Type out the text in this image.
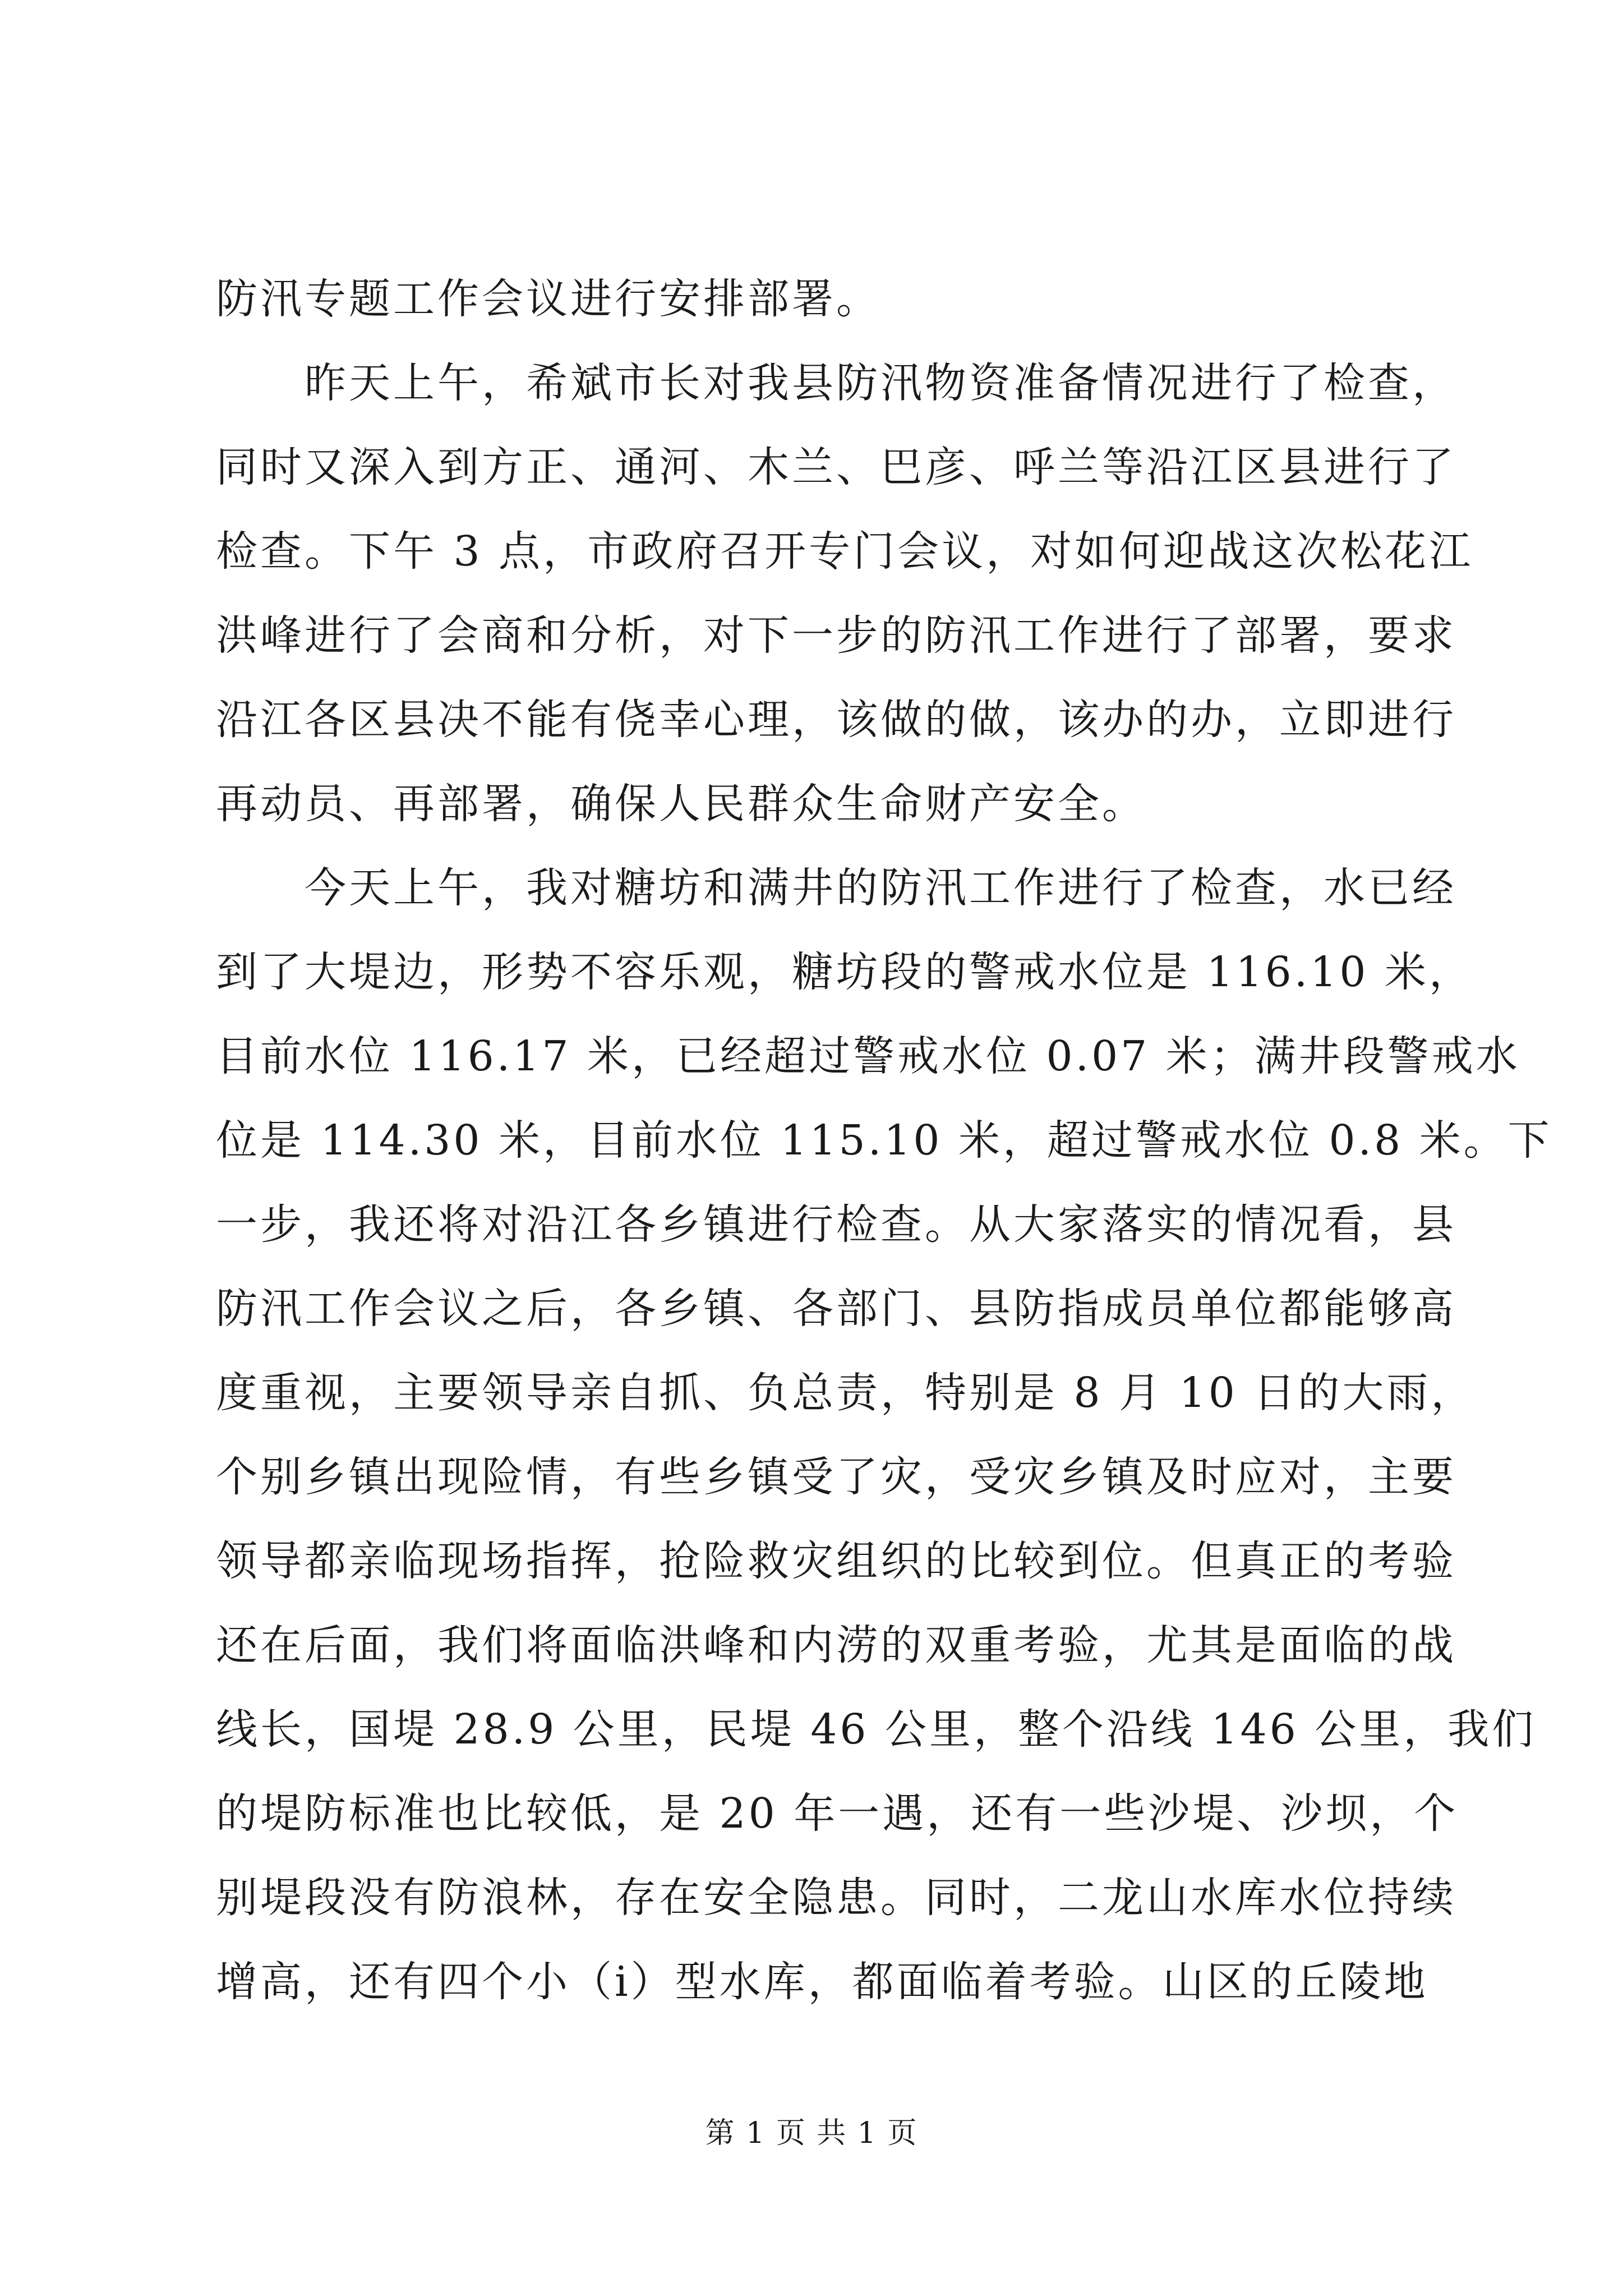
防汛专题工作会议进行安排部署。
昨天上午，希斌市长对我县防汛物资准备情况进行了检查，
同时又深入到方正、通河、木兰、巴彦、呼兰等沿江区县进行了
检查。下午 3 点，市政府召开专门会议，对如何迎战这次松花江
洪峰进行了会商和分析，对下一步的防汛工作进行了部署，要求
沿江各区县决不能有侥幸心理，该做的做，该办的办，立即进行
再动员、再部署，确保人民群众生命财产安全。
今天上午，我对糖坊和满井的防汛工作进行了检查，水已经
到了大堤边，形势不容乐观，糖坊段的警戒水位是 116.10 米，
目前水位 116.17 米，已经超过警戒水位 0.07 米；满井段警戒水
位是 114.30 米，目前水位 115.10 米，超过警戒水位 0.8 米。下
一步，我还将对沿江各乡镇进行检查。从大家落实的情况看，县
防汛工作会议之后，各乡镇、各部门、县防指成员单位都能够高
度重视，主要领导亲自抓、负总责，特别是 8 月 10 日的大雨，
个别乡镇出现险情，有些乡镇受了灾，受灾乡镇及时应对，主要
领导都亲临现场指挥，抢险救灾组织的比较到位。但真正的考验
还在后面，我们将面临洪峰和内涝的双重考验，尤其是面临的战
线长，国堤 28.9 公里，民堤 46 公里，整个沿线 146 公里，我们
的堤防标准也比较低，是 20 年一遇，还有一些沙堤、沙坝，个
别堤段没有防浪林，存在安全隐患。同时，二龙山水库水位持续
增高，还有四个小（ⅰ）型水库，都面临着考验。山区的丘陵地
第 1 页 共 1 页
